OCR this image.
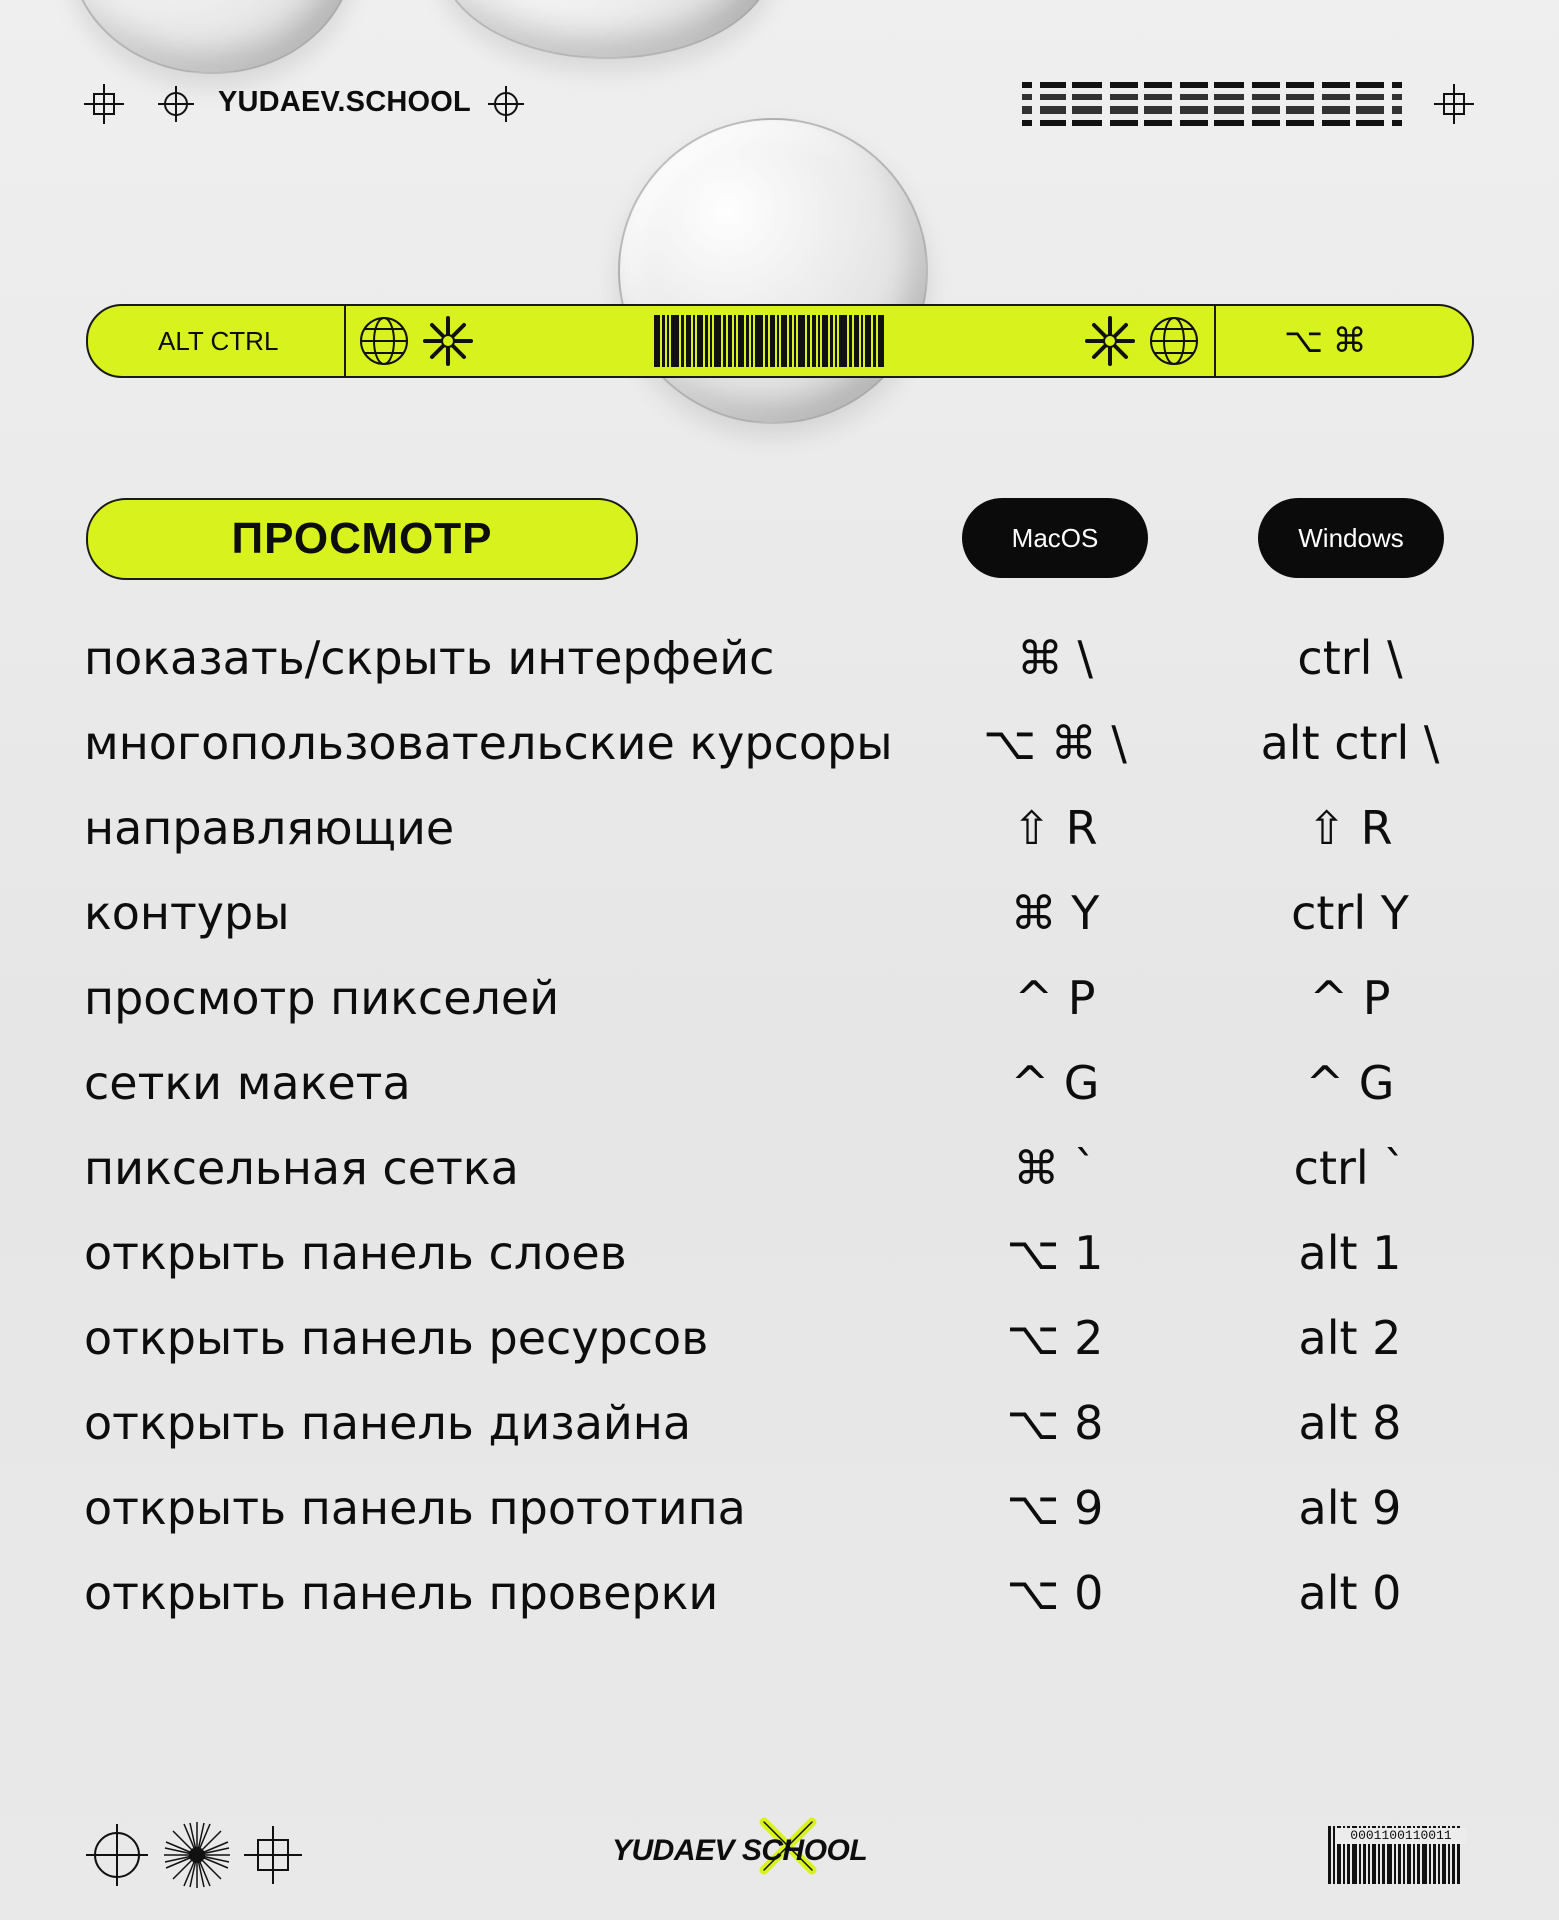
YUDAEV.SCHOOL
ALT CTRL	⌥ ⌘
ПРОСМОТР	MacOS	Windows
показать/скрыть интерфейс	⌘ \	ctrl \
многопользовательские курсоры	⌥ ⌘ \	alt ctrl \
направляющие	⇧ R	⇧ R
контуры	⌘ Y	ctrl Y
просмотр пикселей	^ P	^ P
сетки макета	^ G	^ G
пиксельная сетка	⌘ `	ctrl `
открыть панель слоев	⌥ 1	alt 1
открыть панель ресурсов	⌥ 2	alt 2
открыть панель дизайна	⌥ 8	alt 8
открыть панель прототипа	⌥ 9	alt 9
открыть панель проверки	⌥ 0	alt 0
YUDAEV SCHOOL	0001100110011
